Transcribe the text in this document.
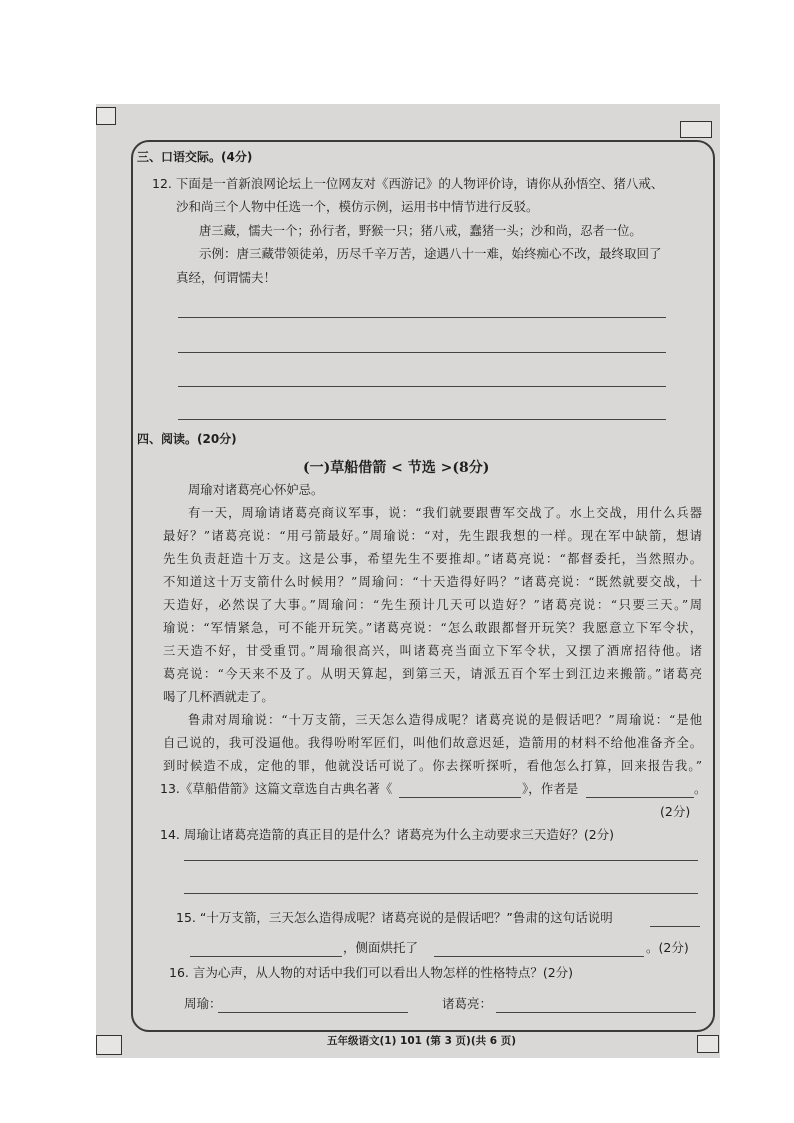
三、口语交际。(4分)
12. 下面是一首新浪网论坛上一位网友对《西游记》的人物评价诗，请你从孙悟空、猪八戒、
沙和尚三个人物中任选一个，模仿示例，运用书中情节进行反驳。
唐三藏，懦夫一个；孙行者，野猴一只；猪八戒，蠢猪一头；沙和尚，忍者一位。
示例：唐三藏带领徒弟，历尽千辛万苦，途遇八十一难，始终痴心不改，最终取回了
真经，何谓懦夫！
四、阅读。(20分)
(一)草船借箭 < 节选 >(8分)
周瑜对诸葛亮心怀妒忌。
有一天，周瑜请诸葛亮商议军事，说：“我们就要跟曹军交战了。水上交战，用什么兵器
最好？”诸葛亮说：“用弓箭最好。”周瑜说：“对，先生跟我想的一样。现在军中缺箭，想请
先生负责赶造十万支。这是公事，希望先生不要推却。”诸葛亮说：“都督委托，当然照办。
不知道这十万支箭什么时候用？”周瑜问：“十天造得好吗？”诸葛亮说：“既然就要交战，十
天造好，必然误了大事。”周瑜问：“先生预计几天可以造好？”诸葛亮说：“只要三天。”周
瑜说：“军情紧急，可不能开玩笑。”诸葛亮说：“怎么敢跟都督开玩笑？我愿意立下军令状，
三天造不好，甘受重罚。”周瑜很高兴，叫诸葛亮当面立下军令状，又摆了酒席招待他。诸
葛亮说：“今天来不及了。从明天算起，到第三天，请派五百个军士到江边来搬箭。”诸葛亮
喝了几杯酒就走了。
鲁肃对周瑜说：“十万支箭，三天怎么造得成呢？诸葛亮说的是假话吧？”周瑜说：“是他
自己说的，我可没逼他。我得吩咐军匠们，叫他们故意迟延，造箭用的材料不给他准备齐全。
到时候造不成，定他的罪，他就没话可说了。你去探听探听，看他怎么打算，回来报告我。”
13.《草船借箭》这篇文章选自古典名著《	》，作者是	。
(2分)
14. 周瑜让诸葛亮造箭的真正目的是什么？诸葛亮为什么主动要求三天造好？(2分)
15. “十万支箭，三天怎么造得成呢？诸葛亮说的是假话吧？”鲁肃的这句话说明
，侧面烘托了	。(2分)
16. 言为心声，从人物的对话中我们可以看出人物怎样的性格特点？(2分)
周瑜：	诸葛亮：
五年级语文(1) 101 (第 3 页)(共 6 页)
